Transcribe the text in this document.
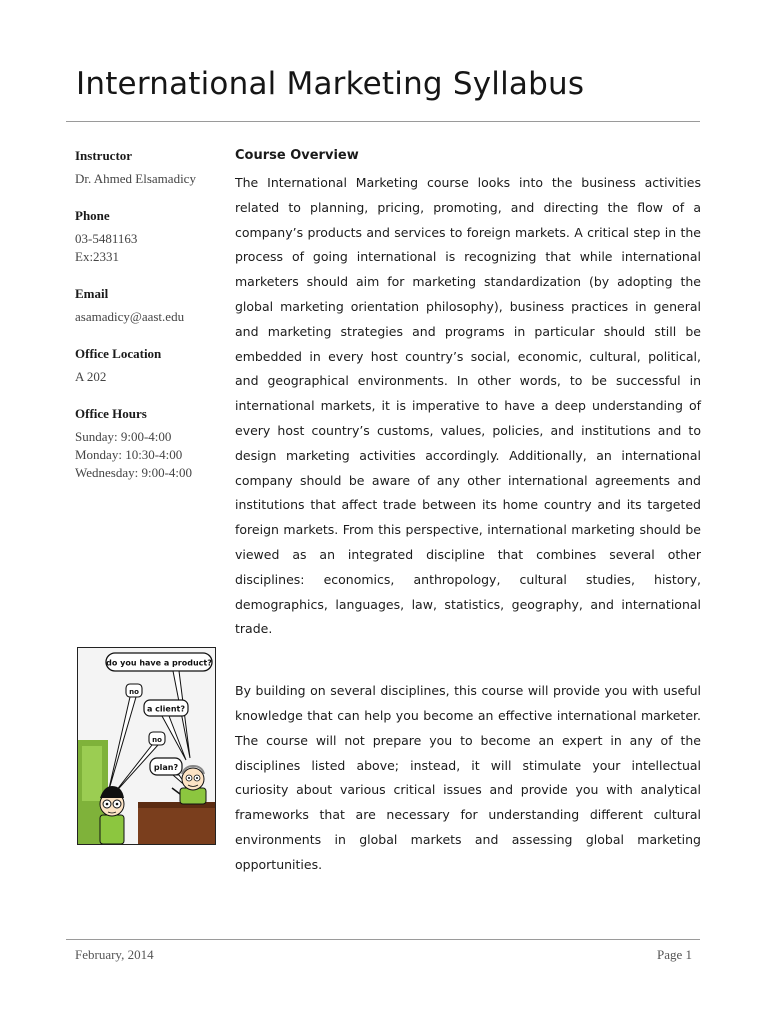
International Marketing Syllabus

Instructor

Dr. Ahmed Elsamadicy

Phone

03-5481163
Ex:2331

Email

asamadicy@aast.edu

Office Location

A 202

Office Hours

Sunday: 9:00-4:00
Monday: 10:30-4:00
Wednesday: 9:00-4:00

Course Overview

The International Marketing course looks into the business activities related to planning, pricing, promoting, and directing the flow of a company’s products and services to foreign markets. A critical step in the process of going international is recognizing that while international marketers should aim for marketing standardization (by adopting the global marketing orientation philosophy), business practices in general and marketing strategies and programs in particular should still be embedded in every host country’s social, economic, cultural, political, and geographical environments. In other words, to be successful in international markets, it is imperative to have a deep understanding of every host country’s customs, values, policies, and institutions and to design marketing activities accordingly. Additionally, an international company should be aware of any other international agreements and institutions that affect trade between its home country and its targeted foreign markets. From this perspective, international marketing should be viewed as an integrated discipline that combines several other disciplines: economics, anthropology, cultural studies, history, demographics, languages, law, statistics, geography, and international trade.

By building on several disciplines, this course will provide you with useful knowledge that can help you become an effective international marketer. The course will not prepare you to become an expert in any of the disciplines listed above; instead, it will stimulate your intellectual curiosity about various critical issues and provide you with analytical frameworks that are necessary for understanding different cultural environments in global markets and assessing global marketing opportunities.

do you have a product?
no
a client?
no
plan?
February, 2014	Page 1
